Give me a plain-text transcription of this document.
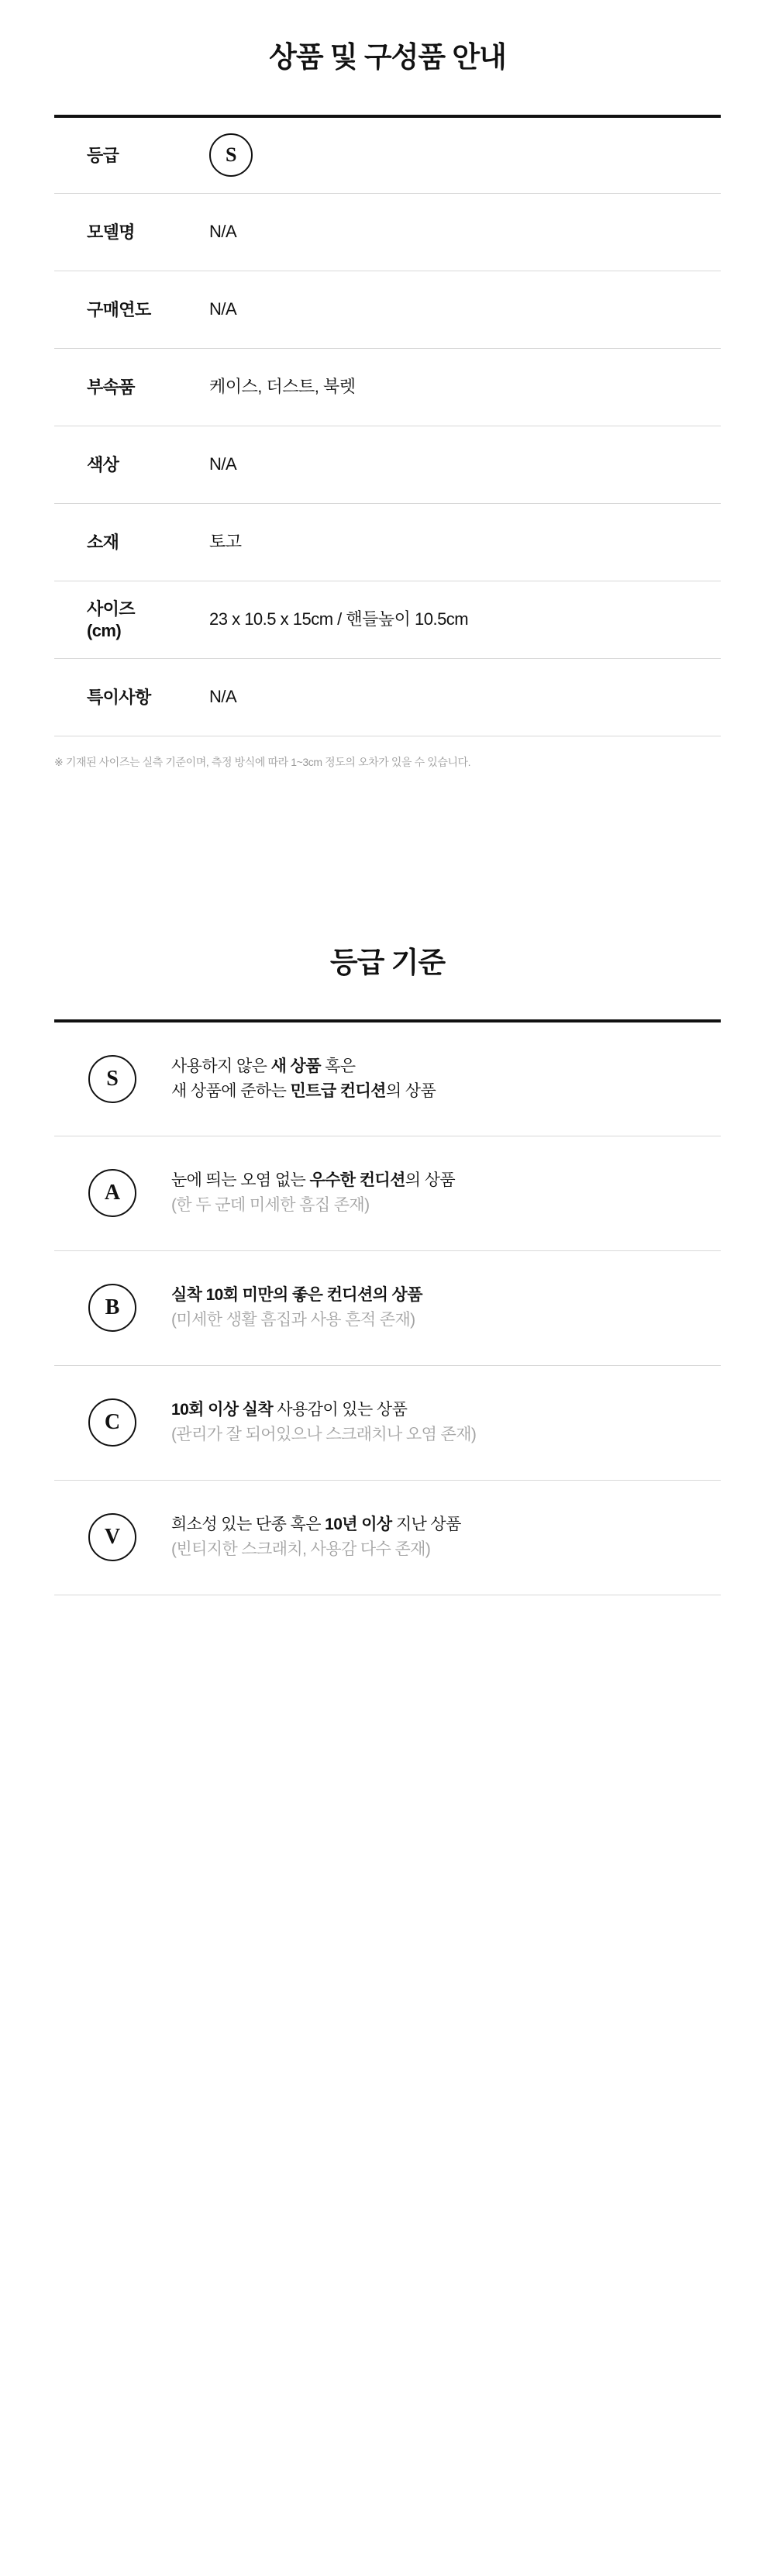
상품 및 구성품 안내
등급	S
모델명	N/A
구매연도	N/A
부속품	케이스, 더스트, 북렛
색상	N/A
소재	토고
사이즈
(cm)	23 x 10.5 x 15cm / 핸들높이 10.5cm
특이사항	N/A

※ 기재된 사이즈는 실측 기준이며, 측정 방식에 따라 1~3cm 정도의 오차가 있을 수 있습니다.

등급 기준
S	사용하지 않은 새 상품 혹은
새 상품에 준하는 민트급 컨디션의 상품

A	눈에 띄는 오염 없는 우수한 컨디션의 상품
(한 두 군데 미세한 흠집 존재)

B	실착 10회 미만의 좋은 컨디션의 상품
(미세한 생활 흠집과 사용 흔적 존재)

C	10회 이상 실착 사용감이 있는 상품
(관리가 잘 되어있으나 스크래치나 오염 존재)

V	희소성 있는 단종 혹은 10년 이상 지난 상품
(빈티지한 스크래치, 사용감 다수 존재)
